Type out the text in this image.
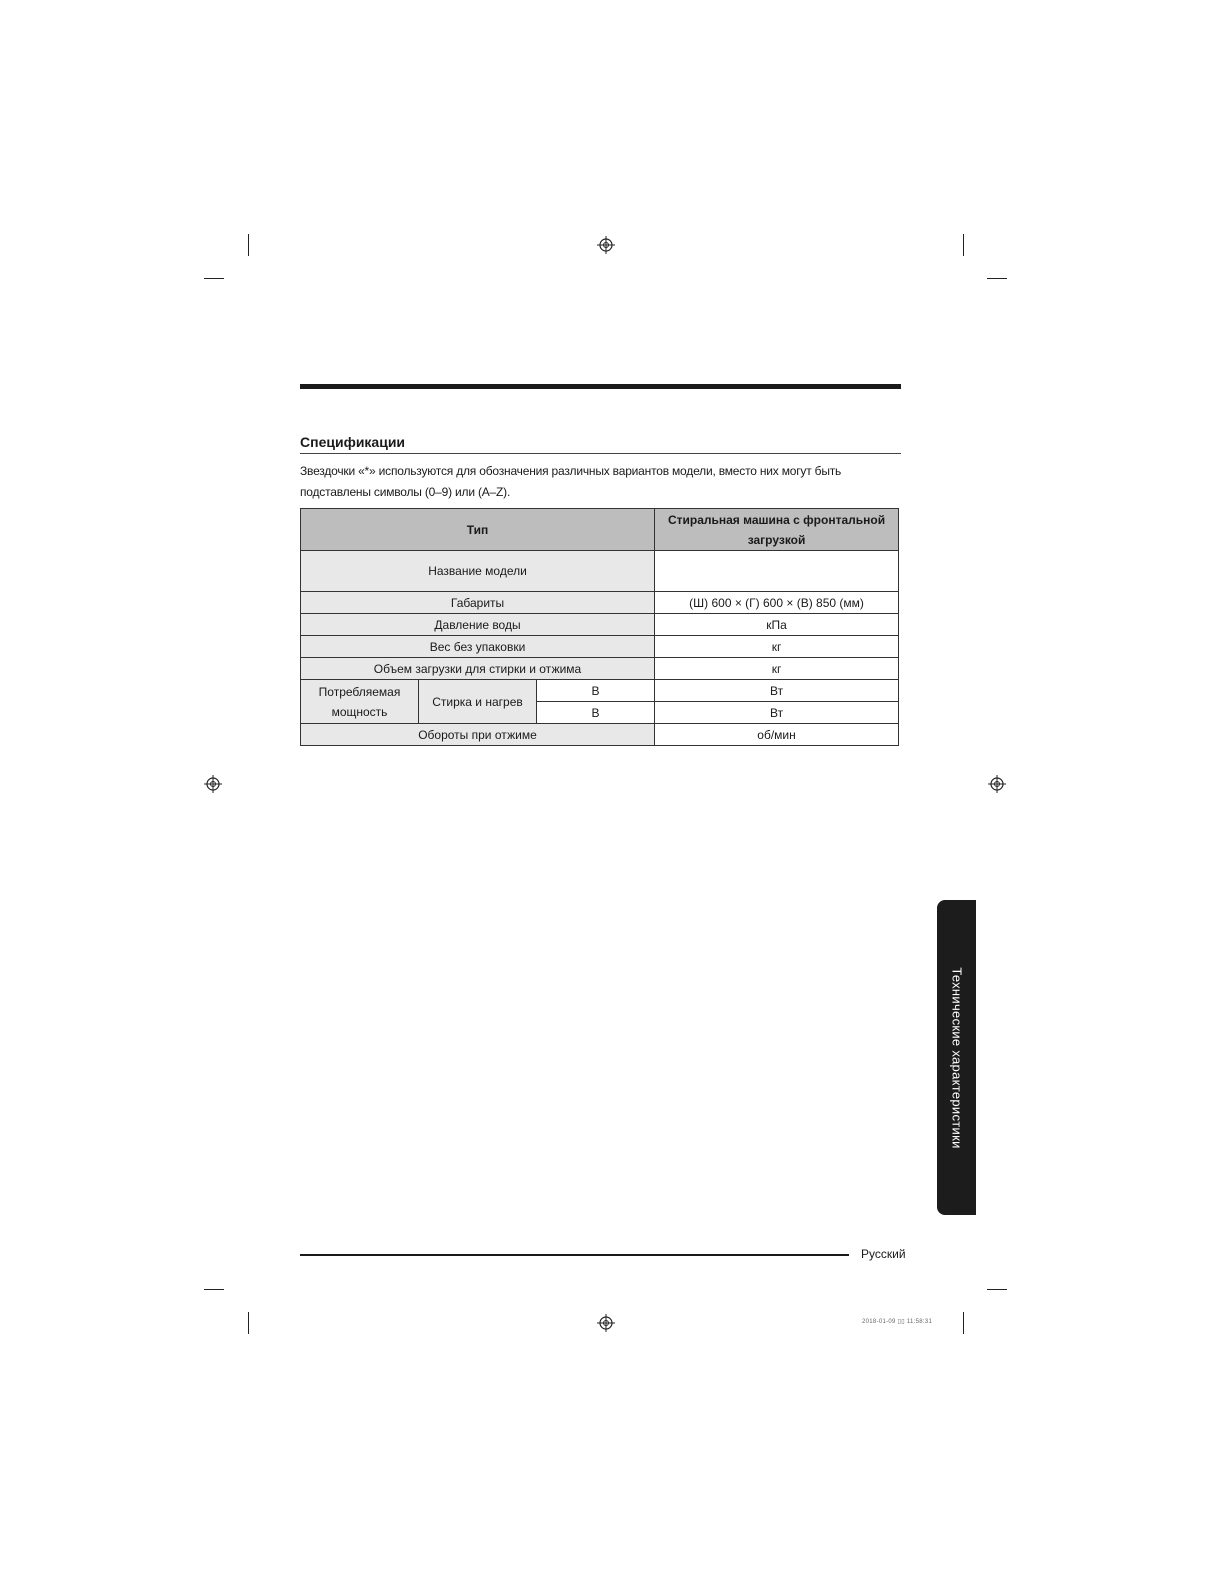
Спецификации
Звездочки «*» используются для обозначения различных вариантов модели, вместо них могут быть подставлены символы (0–9) или (A–Z).
Тип			Стиральная машина с фронтальной загрузкой
Название модели			
Габариты			(Ш) 600 × (Г) 600 × (В) 850 (мм)
Давление воды			кПа
Вес без упаковки			кг
Объем загрузки для стирки и отжима			кг
Потребляемая мощность	Стирка и нагрев	В	Вт
		В	Вт
Обороты при отжиме			об/мин
Технические характеристики
Русский
2018-01-09 ▯▯ 11:58:31
